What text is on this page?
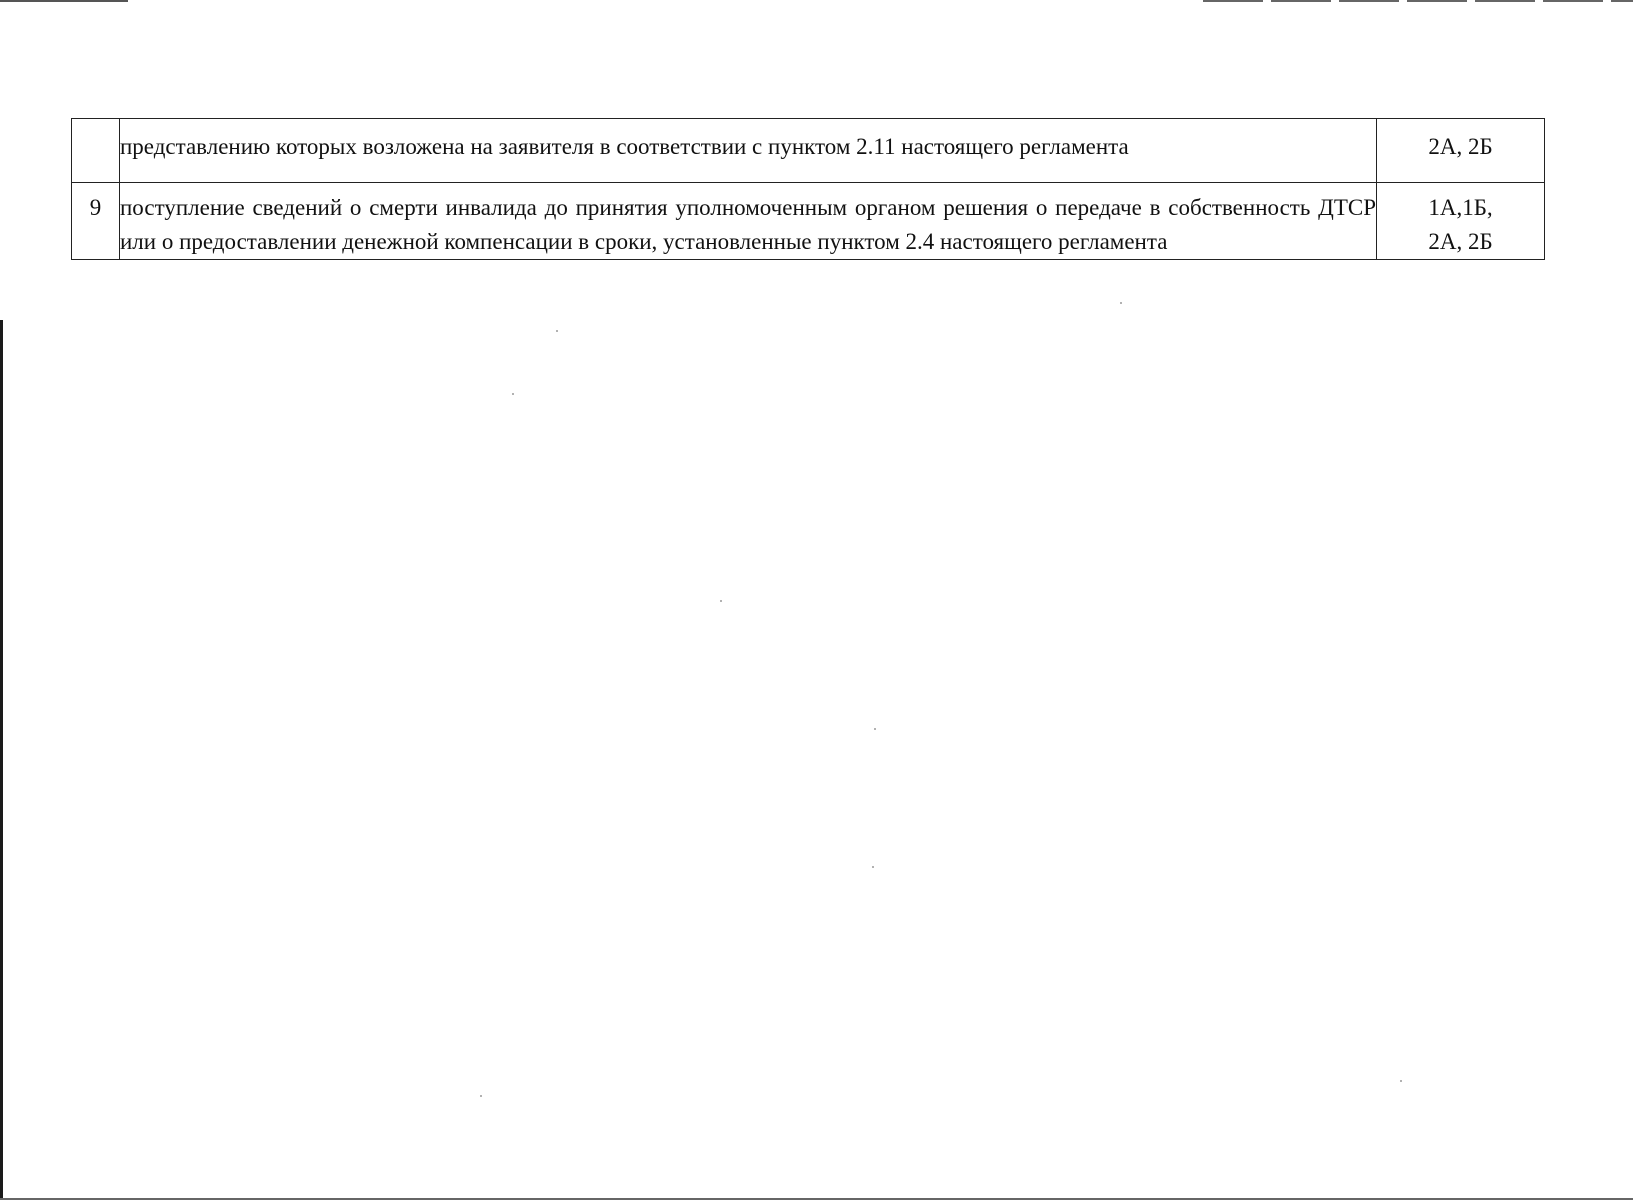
	представлению которых возложена на заявителя в соответствии с пунктом 2.11 настоящего регламента	2А, 2Б

9	поступление сведений о смерти инвалида до принятия уполномоченным органом решения о передаче в собственность ДТСР или о предоставлении денежной компенсации в сроки, установленные пунктом 2.4 настоящего регламента	1А,1Б,
2А, 2Б
